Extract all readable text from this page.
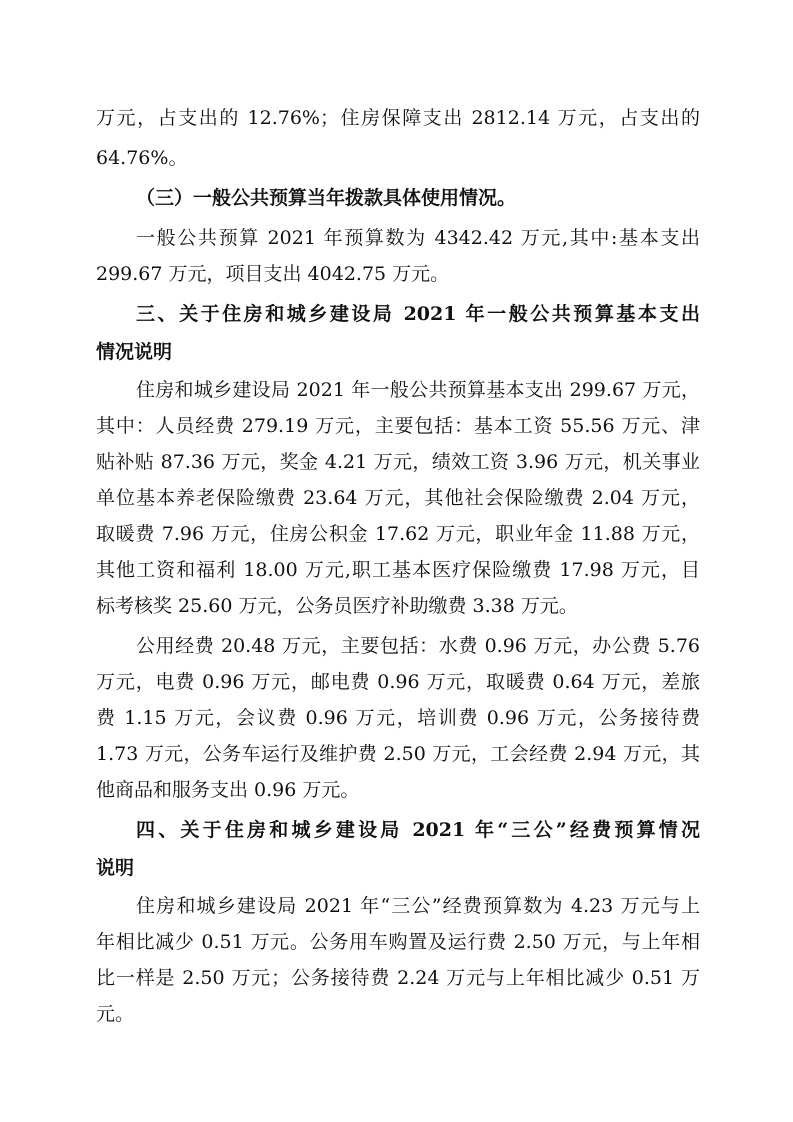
万元，占支出的 12.76%；住房保障支出 2812.14 万元，占支出的
64.76%。
（三）一般公共预算当年拨款具体使用情况。
一般公共预算 2021 年预算数为 4342.42 万元,其中:基本支出
299.67 万元，项目支出 4042.75 万元。
三、关于住房和城乡建设局 2021 年一般公共预算基本支出
情况说明
住房和城乡建设局 2021 年一般公共预算基本支出 299.67 万元，
其中：人员经费 279.19 万元，主要包括：基本工资 55.56 万元、津
贴补贴 87.36 万元，奖金 4.21 万元，绩效工资 3.96 万元，机关事业
单位基本养老保险缴费 23.64 万元，其他社会保险缴费 2.04 万元，
取暖费 7.96 万元，住房公积金 17.62 万元，职业年金 11.88 万元，
其他工资和福利 18.00 万元,职工基本医疗保险缴费 17.98 万元，目
标考核奖 25.60 万元，公务员医疗补助缴费 3.38 万元。
公用经费 20.48 万元，主要包括：水费 0.96 万元，办公费 5.76
万元，电费 0.96 万元，邮电费 0.96 万元，取暖费 0.64 万元，差旅
费 1.15 万元，会议费 0.96 万元，培训费 0.96 万元，公务接待费
1.73 万元，公务车运行及维护费 2.50 万元，工会经费 2.94 万元，其
他商品和服务支出 0.96 万元。
四、关于住房和城乡建设局 2021 年“三公”经费预算情况
说明
住房和城乡建设局 2021 年“三公”经费预算数为 4.23 万元与上
年相比减少 0.51 万元。公务用车购置及运行费 2.50 万元，与上年相
比一样是 2.50 万元；公务接待费 2.24 万元与上年相比减少 0.51 万
元。
